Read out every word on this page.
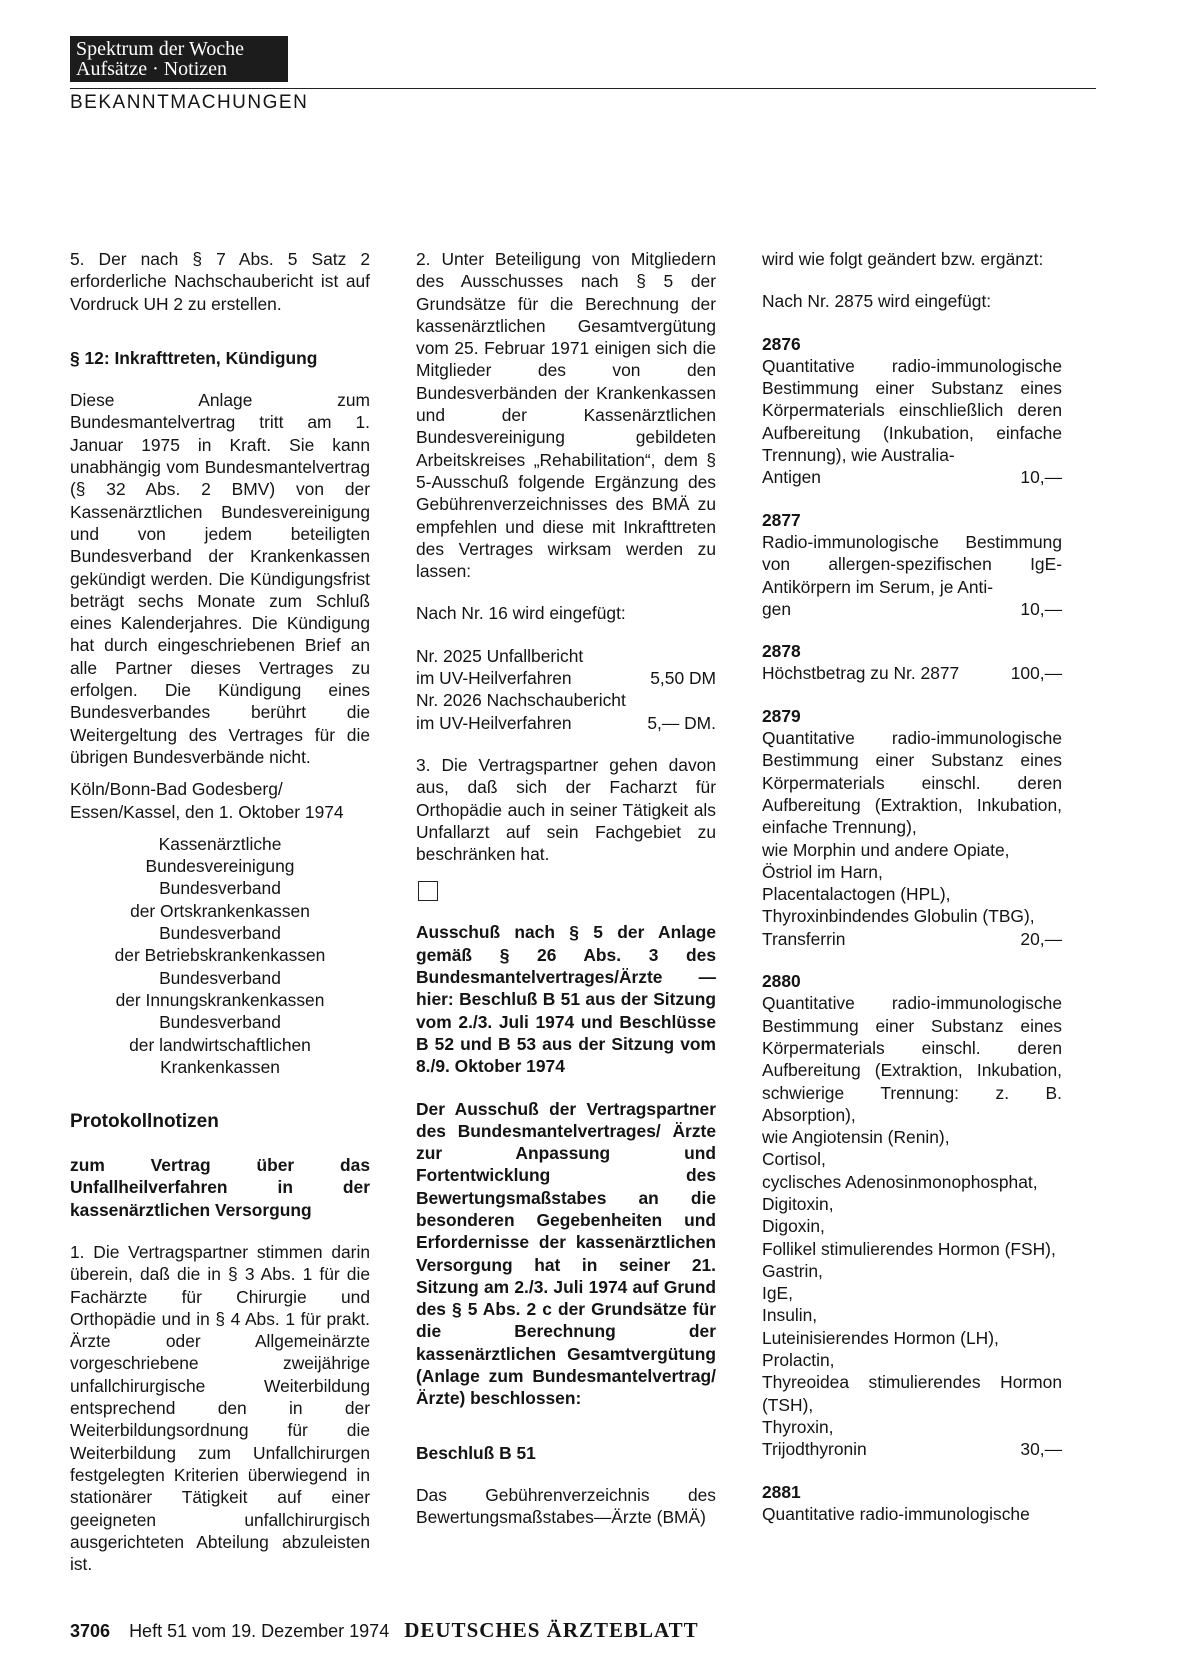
Spektrum der Woche
Aufsätze · Notizen
BEKANNTMACHUNGEN

5. Der nach § 7 Abs. 5 Satz 2 erforderliche Nachschaubericht ist auf Vordruck UH 2 zu erstellen.

§ 12: Inkrafttreten, Kündigung

Diese Anlage zum Bundesmantelvertrag tritt am 1. Januar 1975 in Kraft. Sie kann unabhängig vom Bundesmantelvertrag (§ 32 Abs. 2 BMV) von der Kassenärztlichen Bundesvereinigung und von jedem beteiligten Bundesverband der Krankenkassen gekündigt werden. Die Kündigungsfrist beträgt sechs Monate zum Schluß eines Kalenderjahres. Die Kündigung hat durch eingeschriebenen Brief an alle Partner dieses Vertrages zu erfolgen. Die Kündigung eines Bundesverbandes berührt die Weitergeltung des Vertrages für die übrigen Bundesverbände nicht.

Köln/Bonn-Bad Godesberg/

Essen/Kassel, den 1. Oktober 1974

Kassenärztliche

Bundesvereinigung

Bundesverband

der Ortskrankenkassen

Bundesverband

der Betriebskrankenkassen

Bundesverband

der Innungskrankenkassen

Bundesverband

der landwirtschaftlichen

Krankenkassen

Protokollnotizen

zum Vertrag über das Unfallheilverfahren in der kassenärztlichen Versorgung

1. Die Vertragspartner stimmen darin überein, daß die in § 3 Abs. 1 für die Fachärzte für Chirurgie und Orthopädie und in § 4 Abs. 1 für prakt. Ärzte oder Allgemeinärzte vorgeschriebene zweijährige unfallchirurgische Weiterbildung entsprechend den in der Weiterbildungsordnung für die Weiterbildung zum Unfallchirurgen festgelegten Kriterien überwiegend in stationärer Tätigkeit auf einer geeigneten unfallchirurgisch ausgerichteten Abteilung abzuleisten ist.

2. Unter Beteiligung von Mitgliedern des Ausschusses nach § 5 der Grundsätze für die Berechnung der kassenärztlichen Gesamtvergütung vom 25. Februar 1971 einigen sich die Mitglieder des von den Bundesverbänden der Krankenkassen und der Kassenärztlichen Bundesvereinigung gebildeten Arbeitskreises „Rehabilitation“, dem § 5-Ausschuß folgende Ergänzung des Gebührenverzeichnisses des BMÄ zu empfehlen und diese mit Inkrafttreten des Vertrages wirksam werden zu lassen:

Nach Nr. 16 wird eingefügt:

Nr. 2025 Unfallbericht

im UV-Heilverfahren	5,50 DM

Nr. 2026 Nachschaubericht

im UV-Heilverfahren	5,— DM.

3. Die Vertragspartner gehen davon aus, daß sich der Facharzt für Orthopädie auch in seiner Tätigkeit als Unfallarzt auf sein Fachgebiet zu beschränken hat.

Ausschuß nach § 5 der Anlage gemäß § 26 Abs. 3 des Bundesmantelvertrages/Ärzte — hier: Beschluß B 51 aus der Sitzung vom 2./3. Juli 1974 und Beschlüsse B 52 und B 53 aus der Sitzung vom 8./9. Oktober 1974

Der Ausschuß der Vertragspartner des Bundesmantelvertrages/ Ärzte zur Anpassung und Fortentwicklung des Bewertungsmaßstabes an die besonderen Gegebenheiten und Erfordernisse der kassenärztlichen Versorgung hat in seiner 21. Sitzung am 2./3. Juli 1974 auf Grund des § 5 Abs. 2 c der Grundsätze für die Berechnung der kassenärztlichen Gesamtvergütung (Anlage zum Bundesmantelvertrag/ Ärzte) beschlossen:

Beschluß B 51

Das Gebührenverzeichnis des Bewertungsmaßstabes—Ärzte (BMÄ)

wird wie folgt geändert bzw. ergänzt:

Nach Nr. 2875 wird eingefügt:

2876

Quantitative radio-immunologische Bestimmung einer Substanz eines Körpermaterials einschließlich deren Aufbereitung (Inkubation, einfache Trennung), wie Australia-

Antigen	10,—

2877

Radio-immunologische Bestimmung von allergen-spezifischen IgE-Antikörpern im Serum, je Anti-

gen	10,—

2878

Höchstbetrag zu Nr. 2877	100,—

2879

Quantitative radio-immunologische Bestimmung einer Substanz eines Körpermaterials einschl. deren Aufbereitung (Extraktion, Inkubation, einfache Trennung),

wie Morphin und andere Opiate,

Östriol im Harn,

Placentalactogen (HPL),

Thyroxinbindendes Globulin (TBG),

Transferrin	20,—

2880

Quantitative radio-immunologische Bestimmung einer Substanz eines Körpermaterials einschl. deren Aufbereitung (Extraktion, Inkubation, schwierige Trennung: z. B. Absorption),

wie Angiotensin (Renin),

Cortisol,

cyclisches Adenosinmonophosphat,

Digitoxin,

Digoxin,

Follikel stimulierendes Hormon (FSH),

Gastrin,

IgE,

Insulin,

Luteinisierendes Hormon (LH),

Prolactin,

Thyreoidea stimulierendes Hormon (TSH),

Thyroxin,

Trijodthyronin	30,—

2881

Quantitative radio-immunologische

3706 Heft 51 vom 19. Dezember 1974 DEUTSCHES ÄRZTEBLATT
